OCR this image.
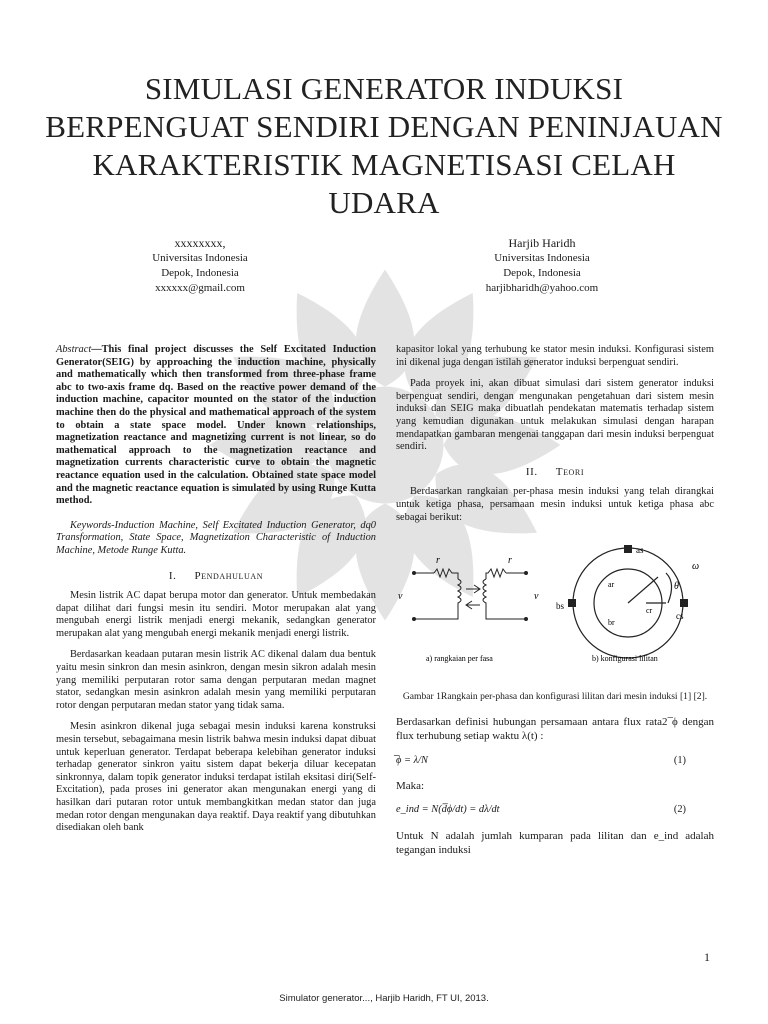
SIMULASI GENERATOR INDUKSI
BERPENGUAT SENDIRI DENGAN PENINJAUAN
KARAKTERISTIK MAGNETISASI CELAH
UDARA
xxxxxxxx,
Universitas Indonesia
Depok, Indonesia
xxxxxx@gmail.com
Harjib Haridh
Universitas Indonesia
Depok, Indonesia
harjibharidh@yahoo.com

Abstract—This final project discusses the Self Excitated Induction Generator(SEIG) by approaching the induction machine, physically and mathematically which then transformed from three-phase frame abc to two-axis frame dq. Based on the reactive power demand of the induction machine, capacitor mounted on the stator of the induction machine then do the physical and mathematical approach of the system to obtain a state space model. Under known relationships, magnetization reactance and magnetizing current is not linear, so do mathematical approach to the magnetization reactance and magnetization currents characteristic curve to obtain the magnetic reactance equation used in the calculation. Obtained state space model and the magnetic reactance equation is simulated by using Runge Kutta method.

Keywords-Induction Machine, Self Excitated Induction Generator, dq0 Transformation, State Space, Magnetization Characteristic of Induction Machine, Metode Runge Kutta.

I. Pendahuluan

Mesin listrik AC dapat berupa motor dan generator. Untuk membedakan dapat dilihat dari fungsi mesin itu sendiri. Motor merupakan alat yang mengubah energi listrik menjadi energi mekanik, sedangkan generator merupakan alat yang mengubah energi mekanik menjadi energi listrik.

Berdasarkan keadaan putaran mesin listrik AC dikenal dalam dua bentuk yaitu mesin sinkron dan mesin asinkron, dengan mesin sikron adalah mesin yang memiliki perputaran rotor sama dengan perputaran medan magnet stator, sedangkan mesin asinkron adalah mesin yang memiliki perputaran rotor dengan perputaran medan stator yang tidak sama.

Mesin asinkron dikenal juga sebagai mesin induksi karena konstruksi mesin tersebut, sebagaimana mesin listrik bahwa mesin induksi dapat dibuat untuk keperluan generator. Terdapat beberapa kelebihan generator induksi terhadap generator sinkron yaitu sistem dapat bekerja diluar kecepatan sinkronnya, dalam topik generator induksi terdapat istilah eksitasi diri(Self-Excitation), pada proses ini generator akan mengunakan energi yang di hasilkan dari putaran rotor untuk membangkitkan medan stator dan juga medan rotor dengan mengunakan daya reaktif. Daya reaktif yang dibutuhkan disediakan oleh bank

kapasitor lokal yang terhubung ke stator mesin induksi. Konfigurasi sistem ini dikenal juga dengan istilah generator induksi berpenguat sendiri.

Pada proyek ini, akan dibuat simulasi dari sistem generator induksi berpenguat sendiri, dengan mengunakan pengetahuan dari sistem mesin induksi dan SEIG maka dibuatlah pendekatan matematis terhadap sistem yang kemudian digunakan untuk melakukan simulasi dengan harapan mendapatkan gambaran mengenai tanggapan dari mesin induksi berpenguat sendiri.

II. Teori

Berdasarkan rangkaian per-phasa mesin induksi yang telah dirangkai untuk ketiga phasa, persamaan mesin induksi untuk ketiga phasa abc sebagai berikut:

r	r
v	v
as
bs
cs
ar
br
cr
ω
θ
a) rangkaian per fasa	b) konfigurasi lilitan
Gambar 1Rangkain per-phasa dan konfigurasi lilitan dari mesin induksi [1] [2].

Berdasarkan definisi hubungan persamaan antara flux rata2 ̅ϕ dengan flux terhubung setiap waktu λ(t) :

̅ϕ = λ/N	(1)

Maka:

e_ind = N(d̅ϕ/dt) = dλ/dt	(2)

Untuk N adalah jumlah kumparan pada lilitan dan e_ind adalah tegangan induksi

1
Simulator generator..., Harjib Haridh, FT UI, 2013.
